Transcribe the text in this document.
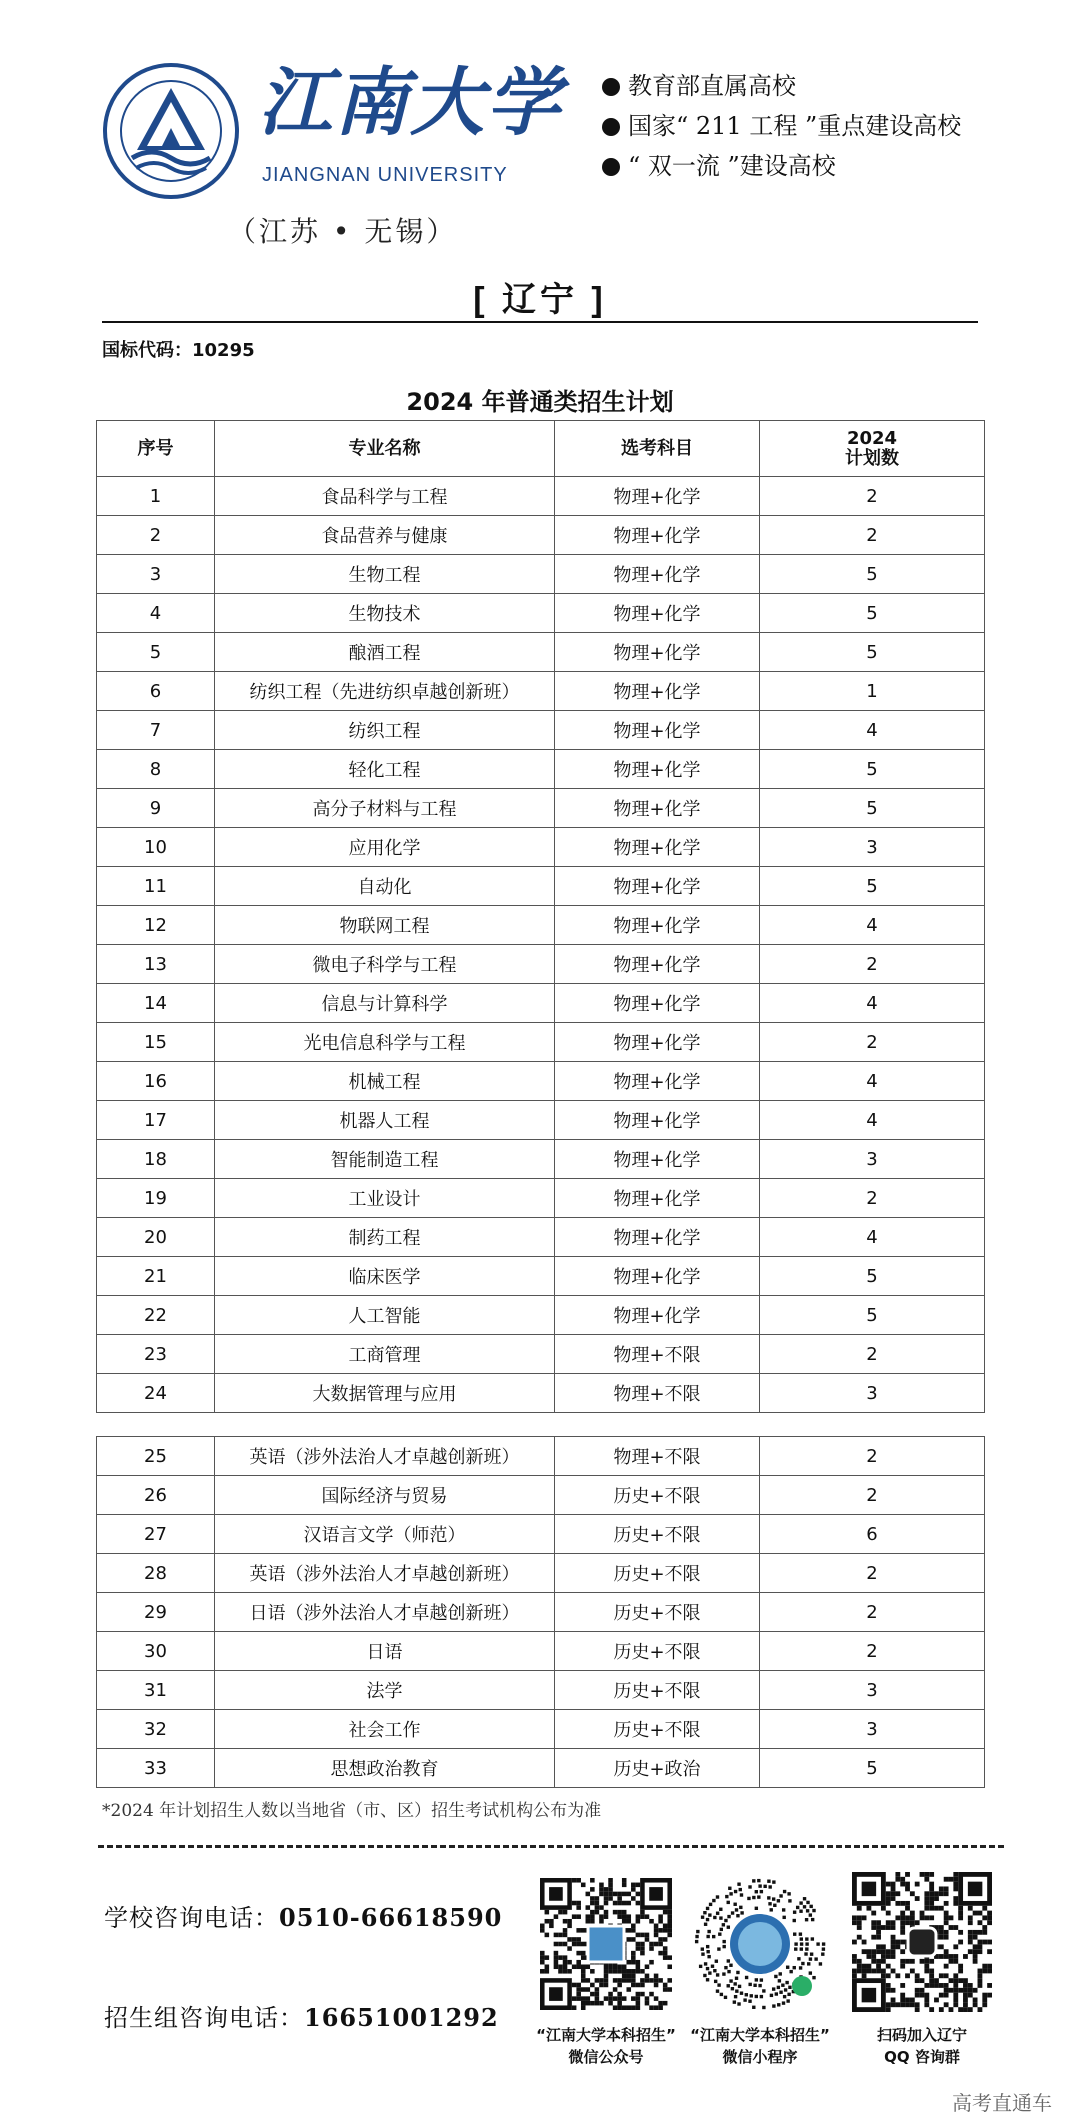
江南大学
JIANGNAN UNIVERSITY
（江苏 • 无锡）
教育部直属高校
国家“ 211 工程 ”重点建设高校
“ 双一流 ”建设高校
[ 辽宁 ]
国标代码：10295
2024 年普通类招生计划
序号	专业名称	选考科目	2024
计划数
1	食品科学与工程	物理+化学	2
2	食品营养与健康	物理+化学	2
3	生物工程	物理+化学	5
4	生物技术	物理+化学	5
5	酿酒工程	物理+化学	5
6	纺织工程（先进纺织卓越创新班）	物理+化学	1
7	纺织工程	物理+化学	4
8	轻化工程	物理+化学	5
9	高分子材料与工程	物理+化学	5
10	应用化学	物理+化学	3
11	自动化	物理+化学	5
12	物联网工程	物理+化学	4
13	微电子科学与工程	物理+化学	2
14	信息与计算科学	物理+化学	4
15	光电信息科学与工程	物理+化学	2
16	机械工程	物理+化学	4
17	机器人工程	物理+化学	4
18	智能制造工程	物理+化学	3
19	工业设计	物理+化学	2
20	制药工程	物理+化学	4
21	临床医学	物理+化学	5
22	人工智能	物理+化学	5
23	工商管理	物理+不限	2
24	大数据管理与应用	物理+不限	3
25	英语（涉外法治人才卓越创新班）	物理+不限	2
26	国际经济与贸易	历史+不限	2
27	汉语言文学（师范）	历史+不限	6
28	英语（涉外法治人才卓越创新班）	历史+不限	2
29	日语（涉外法治人才卓越创新班）	历史+不限	2
30	日语	历史+不限	2
31	法学	历史+不限	3
32	社会工作	历史+不限	3
33	思想政治教育	历史+政治	5
*2024 年计划招生人数以当地省（市、区）招生考试机构公布为准
学校咨询电话：0510-66618590
招生组咨询电话：16651001292
“江南大学本科招生”
微信公众号
“江南大学本科招生”
微信小程序
扫码加入辽宁
QQ 咨询群
高考直通车
